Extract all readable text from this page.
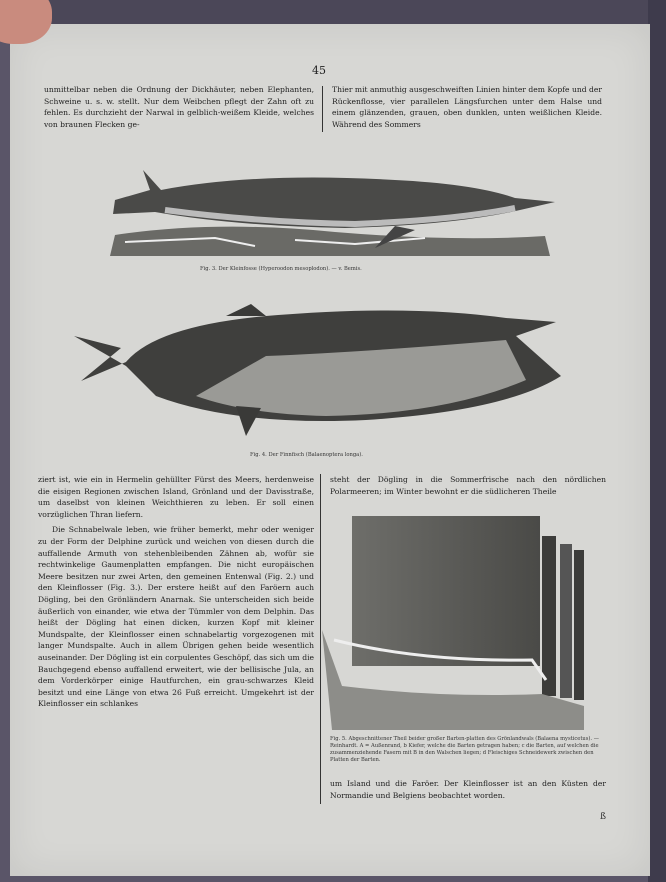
45

unmittelbar neben die Ordnung der Dickhäuter, neben Elephanten, Schweine u. s. w. stellt. Nur dem Weibchen pflegt der Zahn oft zu fehlen. Es durchzieht der Narwal in gelblich-weißem Kleide, welches von braunen Flecken ge-

Thier mit anmuthig ausgeschweiften Linien hinter dem Kopfe und der Rückenflosse, vier parallelen Längsfurchen unter dem Halse und einem glänzenden, grauen, oben dunklen, unten weißlichen Kleide. Während des Sommers

Fig. 3. Der Kleinfosse (Hyperoodon mesoplodon). — v. Bemis.
Fig. 4. Der Finnfisch (Balaenoptera longa).

ziert ist, wie ein in Hermelin gehüllter Fürst des Meers, herdenweise die eisigen Regionen zwischen Island, Grönland und der Davisstraße, um daselbst von kleinen Weichthieren zu leben. Er soll einen vorzüglichen Thran liefern.

Die Schnabelwale leben, wie früher bemerkt, mehr oder weniger zu der Form der Delphine zurück und weichen von diesen durch die auffallende Armuth von stehenbleibenden Zähnen ab, wofür sie rechtwinkelige Gaumenplatten empfangen. Die nicht europäischen Meere besitzen nur zwei Arten, den gemeinen Entenwal (Fig. 2.) und den Kleinflosser (Fig. 3.). Der erstere heißt auf den Faröern auch Dögling, bei den Grönländern Anarnak. Sie unterscheiden sich beide äußerlich von einander, wie etwa der Tümmler von dem Delphin. Das heißt der Dögling hat einen dicken, kurzen Kopf mit kleiner Mundspalte, der Kleinflosser einen schnabelartig vorgezogenen mit langer Mundspalte. Auch in allem Übrigen gehen beide wesentlich auseinander. Der Dögling ist ein corpulentes Geschöpf, das sich um die Bauchgegend ebenso auffallend erweitert, wie der bellisische Jula, an dem Vorderkörper einige Hautfurchen, ein grau-schwarzes Kleid besitzt und eine Länge von etwa 26 Fuß erreicht. Umgekehrt ist der Kleinflosser ein schlankes

steht der Dögling in die Sommerfrische nach den nördlichen Polarmeeren; im Winter bewohnt er die südlicheren Theile

Fig. 5. Abgeschnittener Theil beider großer Barten-platten des Grönlandwals (Balaena mysticetus). — Reinhardt. A = Außenrand, b Kiefer, welche die Barten getragen haben; c die Barten, auf welchen die zusammenziehende Fasern mit B in den Walschen liegen; d Fleischiges Schneidewerk zwischen den Platten der Barten.

um Island und die Faröer. Der Kleinflosser ist an den Küsten der Normandie und Belgiens beobachtet worden.

ß
